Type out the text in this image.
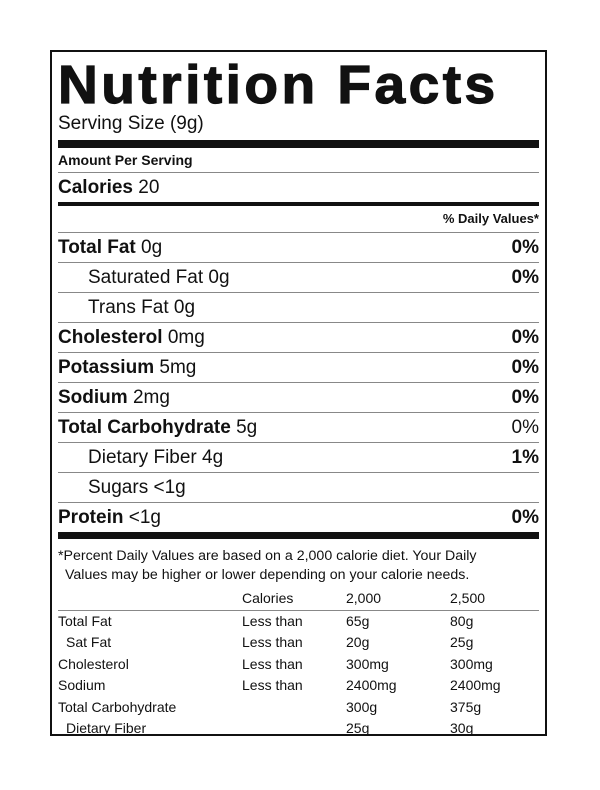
Nutrition Facts
Serving Size (9g)
Amount Per Serving
Calories 20
% Daily Values*
Total Fat 0g	0%
Saturated Fat 0g	0%
Trans Fat 0g
Cholesterol 0mg	0%
Potassium 5mg	0%
Sodium 2mg	0%
Total Carbohydrate 5g	0%
Dietary Fiber 4g	1%
Sugars <1g
Protein <1g	0%
*Percent Daily Values are based on a 2,000 calorie diet. Your Daily
Values may be higher or lower depending on your calorie needs.
	Calories	2,000	2,500
Total Fat	Less than	65g	80g
Sat Fat	Less than	20g	25g
Cholesterol	Less than	300mg	300mg
Sodium	Less than	2400mg	2400mg
Total Carbohydrate		300g	375g
Dietary Fiber		25g	30g
